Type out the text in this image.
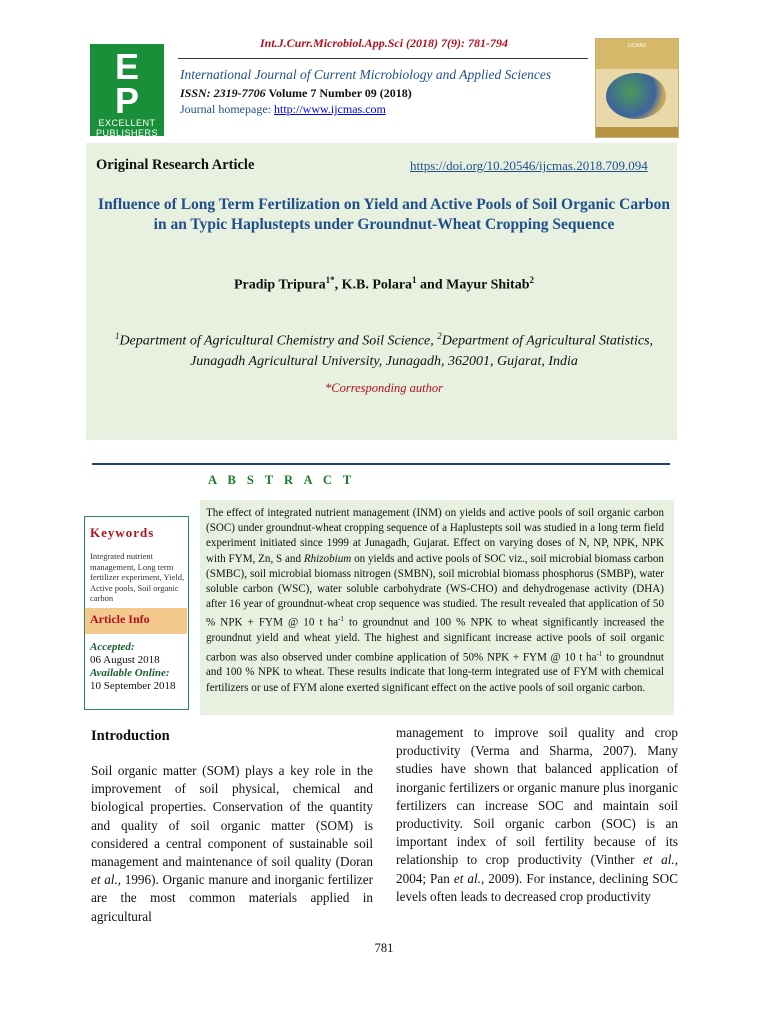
Int.J.Curr.Microbiol.App.Sci (2018) 7(9): 781-794
E
P
EXCELLENT
PUBLISHERS
International Journal of Current Microbiology and Applied Sciences
ISSN: 2319-7706 Volume 7 Number 09 (2018)
Journal homepage: http://www.ijcmas.com
IJCMAS
Original Research Article	https://doi.org/10.20546/ijcmas.2018.709.094
Influence of Long Term Fertilization on Yield and Active Pools of Soil Organic Carbon in an Typic Haplustepts under Groundnut-Wheat Cropping Sequence
Pradip Tripura$^{1*}$, K.B. Polara$^1$ and Mayur Shitab$^2$
$^1$Department of Agricultural Chemistry and Soil Science, $^2$Department of Agricultural Statistics, Junagadh Agricultural University, Junagadh, 362001, Gujarat, India
*Corresponding author
A B S T R A C T
The effect of integrated nutrient management (INM) on yields and active pools of soil organic carbon (SOC) under groundnut-wheat cropping sequence of a Haplustepts soil was studied in a long term field experiment initiated since 1999 at Junagadh, Gujarat. Effect on varying doses of N, NP, NPK, NPK with FYM, Zn, S and Rhizobium on yields and active pools of SOC viz., soil microbial biomass carbon (SMBC), soil microbial biomass nitrogen (SMBN), soil microbial biomass phosphorus (SMBP), water soluble carbon (WSC), water soluble carbohydrate (WS-CHO) and dehydrogenase activity (DHA) after 16 year of groundnut-wheat crop sequence was studied. The result revealed that application of 50 % NPK + FYM @ 10 t $ha^{-1}$ to groundnut and 100 % NPK to wheat significantly increased the groundnut yield and wheat yield. The highest and significant increase active pools of soil organic carbon was also observed under combine application of 50% NPK + FYM @ 10 t $ha^{-1}$ to groundnut and 100 % NPK to wheat. These results indicate that long-term integrated use of FYM with chemical fertilizers or use of FYM alone exerted significant effect on the active pools of soil organic carbon.
Keywords
Integrated nutrient management, Long term fertilizer experiment, Yield, Active pools, Soil organic carbon
Article Info
Accepted:
06 August 2018
Available Online:
10 September 2018
Introduction
Soil organic matter (SOM) plays a key role in the improvement of soil physical, chemical and biological properties. Conservation of the quantity and quality of soil organic matter (SOM) is considered a central component of sustainable soil management and maintenance of soil quality (Doran et al., 1996). Organic manure and inorganic fertilizer are the most common materials applied in agricultural
management to improve soil quality and crop productivity (Verma and Sharma, 2007). Many studies have shown that balanced application of inorganic fertilizers or organic manure plus inorganic fertilizers can increase SOC and maintain soil productivity. Soil organic carbon (SOC) is an important index of soil fertility because of its relationship to crop productivity (Vinther et al., 2004; Pan et al., 2009). For instance, declining SOC levels often leads to decreased crop productivity
781
